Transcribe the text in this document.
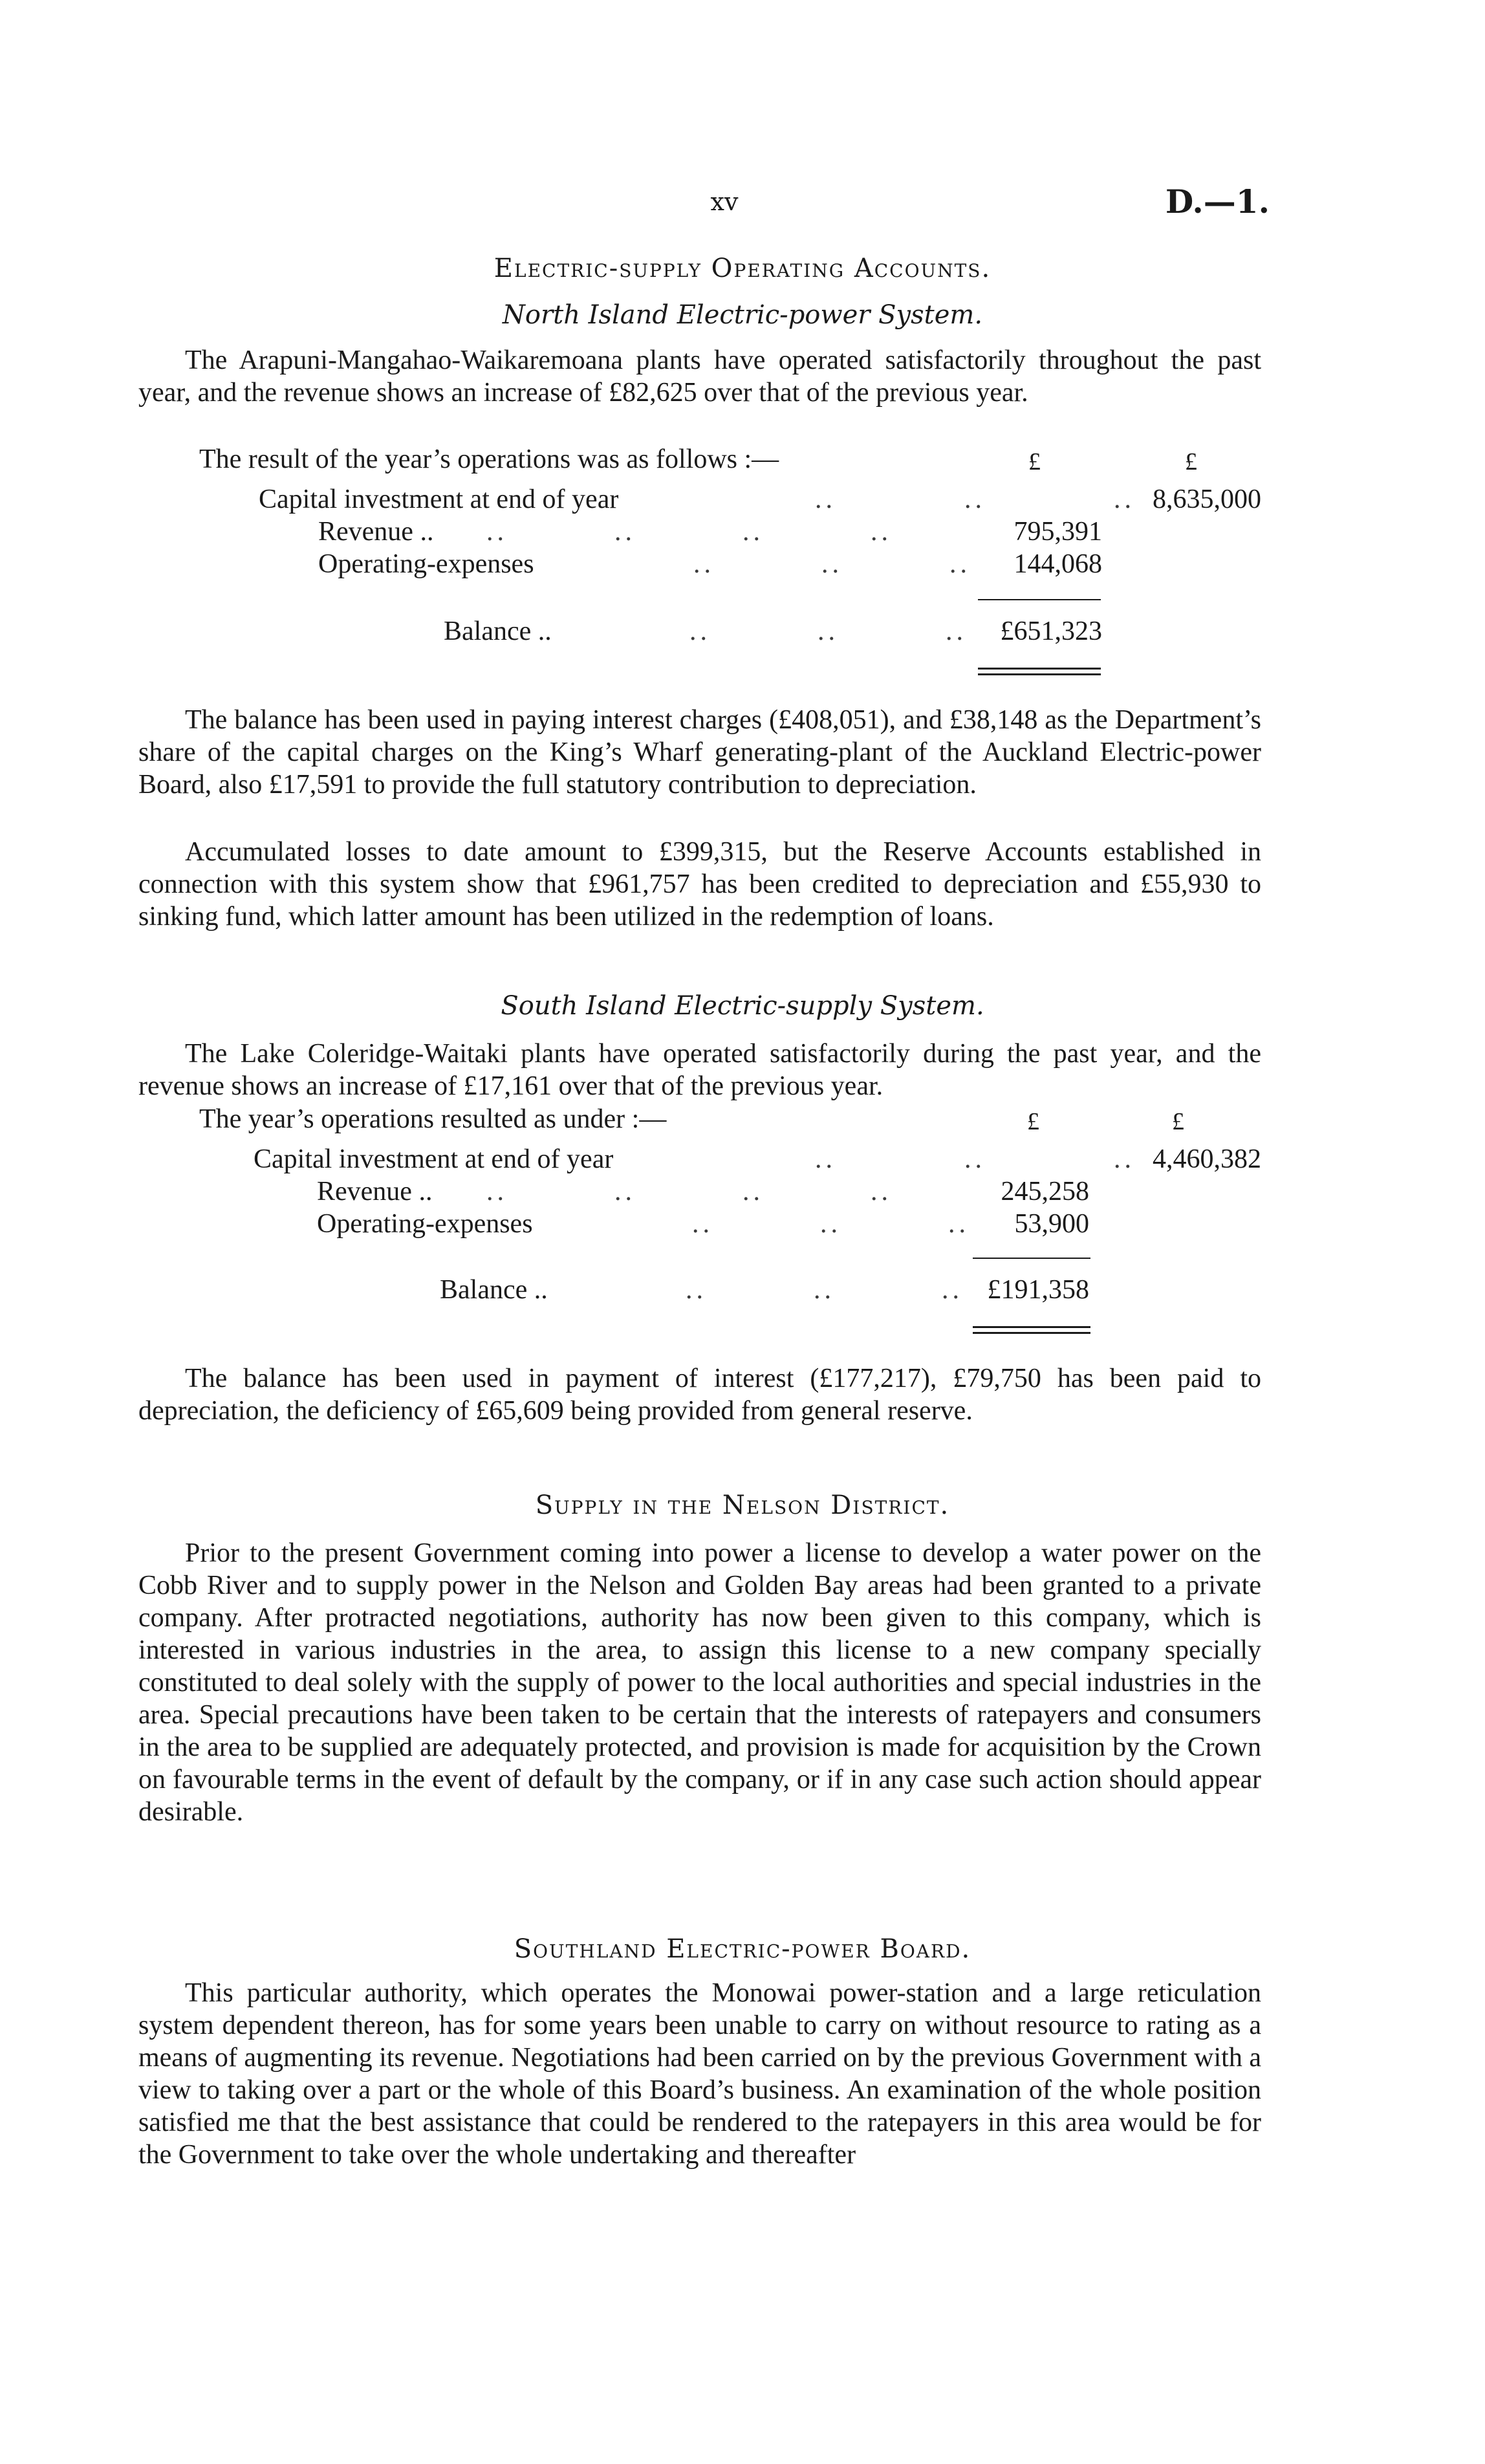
xv	D.—1.
Electric-supply Operating Accounts.
North Island Electric-power System.
The Arapuni-Mangahao-Waikaremoana plants have operated satisfactorily throughout the past year, and the revenue shows an increase of £82,625 over that of the previous year.
The result of the year’s operations was as follows :—	£	£
Capital investment at end of year	..            ..            .. 8,635,000
Revenue .. ..          ..          ..          ..	795,391
Operating-expenses	..          ..          .. 144,068
Balance ..	..          ..          .. £651,323
The balance has been used in paying interest charges (£408,051), and £38,148 as the Department’s share of the capital charges on the King’s Wharf generating-plant of the Auckland Electric-power Board, also £17,591 to provide the full statutory contribution to depreciation.
Accumulated losses to date amount to £399,315, but the Reserve Accounts established in connection with this system show that £961,757 has been credited to depreciation and £55,930 to sinking fund, which latter amount has been utilized in the redemption of loans.
South Island Electric-supply System.
The Lake Coleridge-Waitaki plants have operated satisfactorily during the past year, and the revenue shows an increase of £17,161 over that of the previous year.
The year’s operations resulted as under :—	£	£
Capital investment at end of year	..            ..            .. 4,460,382
Revenue .. ..          ..          ..          ..	245,258
Operating-expenses	..          ..          .. 53,900
Balance ..	..          ..          .. £191,358
The balance has been used in payment of interest (£177,217), £79,750 has been paid to depreciation, the deficiency of £65,609 being provided from general reserve.
Supply in the Nelson District.
Prior to the present Government coming into power a license to develop a water power on the Cobb River and to supply power in the Nelson and Golden Bay areas had been granted to a private company. After protracted negotiations, authority has now been given to this company, which is interested in various industries in the area, to assign this license to a new company specially constituted to deal solely with the supply of power to the local authorities and special industries in the area. Special precautions have been taken to be certain that the interests of ratepayers and consumers in the area to be supplied are adequately protected, and provision is made for acquisition by the Crown on favourable terms in the event of default by the company, or if in any case such action should appear desirable.
Southland Electric-power Board.
This particular authority, which operates the Monowai power-station and a large reticulation system dependent thereon, has for some years been unable to carry on without resource to rating as a means of augmenting its revenue. Negotiations had been carried on by the previous Government with a view to taking over a part or the whole of this Board’s business. An examination of the whole position satisfied me that the best assistance that could be rendered to the ratepayers in this area would be for the Government to take over the whole undertaking and thereafter
